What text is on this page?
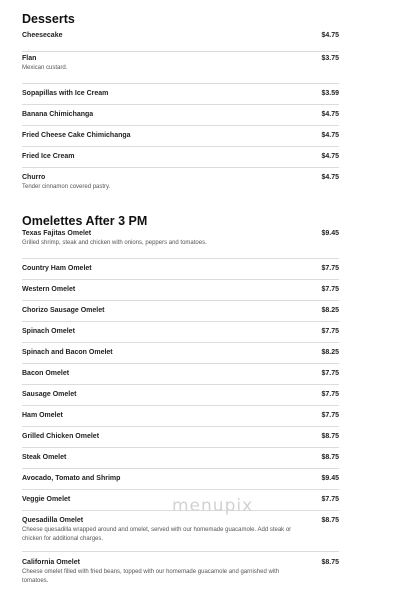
Desserts
Cheesecake	$4.75
Flan	$3.75
Mexican custard.
Sopapillas with Ice Cream	$3.59
Banana Chimichanga	$4.75
Fried Cheese Cake Chimichanga	$4.75
Fried Ice Cream	$4.75
Churro	$4.75
Tender cinnamon covered pastry.
Omelettes After 3 PM
Texas Fajitas Omelet	$9.45
Grilled shrimp, steak and chicken with onions, peppers and tomatoes.
Country Ham Omelet	$7.75
Western Omelet	$7.75
Chorizo Sausage Omelet	$8.25
Spinach Omelet	$7.75
Spinach and Bacon Omelet	$8.25
Bacon Omelet	$7.75
Sausage Omelet	$7.75
Ham Omelet	$7.75
Grilled Chicken Omelet	$8.75
Steak Omelet	$8.75
Avocado, Tomato and Shrimp	$9.45
Veggie Omelet	$7.75
Quesadilla Omelet	$8.75
Cheese quesadilla wrapped around and omelet, served with our homemade guacamole. Add steak or chicken for additional charges.
California Omelet	$8.75
Cheese omelet filled with fried beans, topped with our homemade guacamole and garnished with tomatoes.
menupix
